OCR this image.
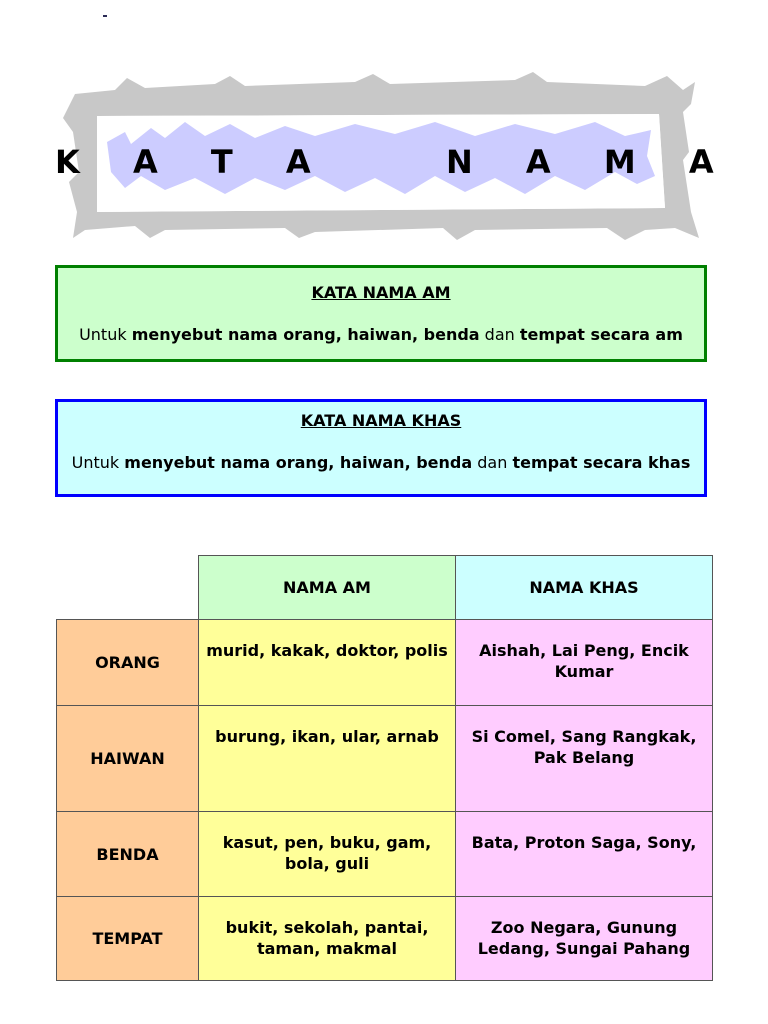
K A T A   N A M A
KATA NAMA AM
Untuk menyebut nama orang, haiwan, benda dan tempat secara am
KATA NAMA KHAS
Untuk menyebut nama orang, haiwan, benda dan tempat secara khas
	NAMA AM	NAMA KHAS
ORANG	murid, kakak, doktor, polis	Aishah, Lai Peng, Encik Kumar
HAIWAN	burung, ikan, ular, arnab	Si Comel, Sang Rangkak,
Pak Belang

BENDA	kasut, pen, buku, gam, bola, guli	Bata, Proton Saga, Sony,
TEMPAT	bukit, sekolah, pantai, taman, makmal	Zoo Negara, Gunung Ledang, Sungai Pahang
